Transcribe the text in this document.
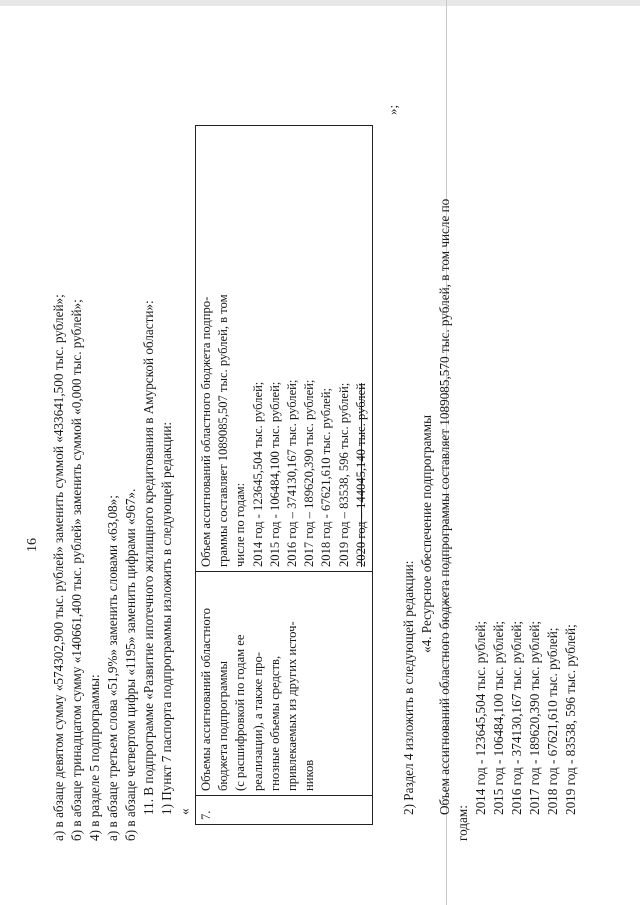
16 а) в абзаце девятом сумму «574302,900 тыс. рублей» заменить суммой «433641,500 тыс. рублей»; б) в абзаце тринадцатом сумму «140661,400 тыс. рублей» заменить суммой «0,000 тыс. рублей»; 4) в разделе 5 подпрограммы: а) в абзаце третьем слова «51,9%» заменить словами «63,08»; б) в абзаце четвертом цифры «1195» заменить цифрами «967». 11. В подпрограмме «Развитие ипотечного жилищного кредитования в Амурской области»: 1) Пункт 7 паспорта подпрограммы изложить в следующей редакции: « 7.	
Объемы ассигнований областного бюджета подпрограммы (с расшифровкой по годам ее реализации), а также про- гнозные объемы средств, привлекаемых из других источ- ников

Объем ассигнований областного бюджета подпро- граммы составляет 1089085,507 тыс. рублей, в том числе по годам: 2014 год - 123645,504 тыс. рублей; 2015 год - 106484,100 тыс. рублей; 2016 год – 374130,167 тыс. рублей; 2017 год – 189620,390 тыс. рублей; 2018 год - 67621,610 тыс. рублей; 2019 год – 83538, 596 тыс. рублей; 2020 год – 144045,140 тыс. рублей
»;
2) Раздел 4 изложить в следующей редакции:
«4. Ресурсное обеспечение подпрограммы Объем ассигнований областного бюджета подпрограммы составляет 1089085,570 тыс. рублей, в том числе по
годам:
2014 год - 123645,504 тыс. рублей; 2015 год - 106484,100 тыс. рублей; 2016 год - 374130,167 тыс. рублей; 2017 год - 189620,390 тыс. рублей; 2018 год - 67621,610 тыс. рублей; 2019 год - 83538, 596 тыс. рублей;
